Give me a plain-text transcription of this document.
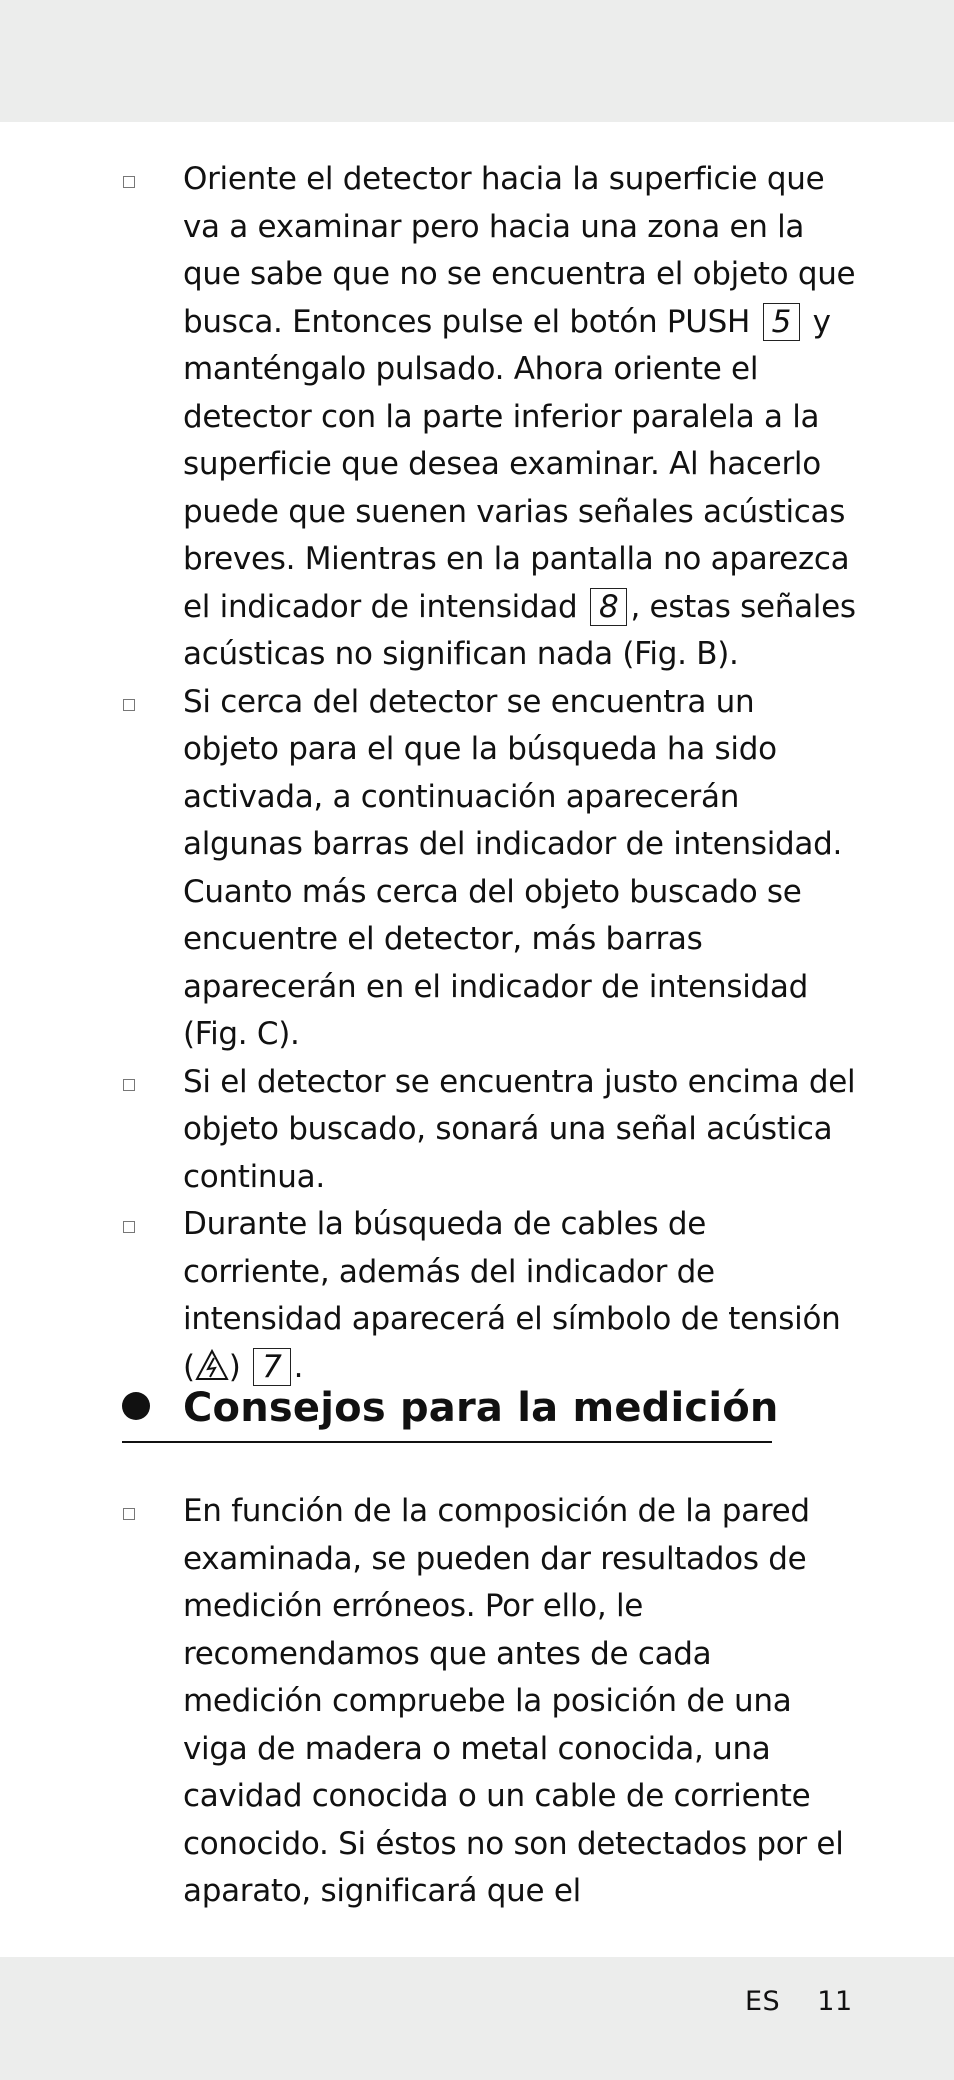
Oriente el detector hacia la superficie que va a examinar pero hacia una zona en la que sabe que no se encuentra el objeto que busca. Entonces pulse el botón PUSH 5 y manténgalo pulsado. Ahora oriente el detector con la parte inferior paralela a la superficie que desea examinar. Al hacerlo puede que suenen varias señales acústicas breves. Mientras en la pantalla no aparezca el indicador de intensidad 8 , estas señales acústicas no significan nada (Fig. B).
Si cerca del detector se encuentra un objeto para el que la búsqueda ha sido activada, a continuación aparecerán algunas barras del indicador de intensidad. Cuanto más cerca del objeto buscado se encuentre el detector, más barras aparecerán en el indicador de intensidad (Fig. C).
Si el detector se encuentra justo encima del objeto buscado, sonará una señal acústica continua.
Durante la búsqueda de cables de corriente, además del indicador de intensidad aparecerá el símbolo de tensión ( ) 7 .
Consejos para la medición
En función de la composición de la pared examinada, se pueden dar resultados de medición erróneos. Por ello, le recomendamos que antes de cada medición compruebe la posición de una viga de madera o metal conocida, una cavidad conocida o un cable de corriente conocido. Si éstos no son detectados por el aparato, significará que el
ES 11
